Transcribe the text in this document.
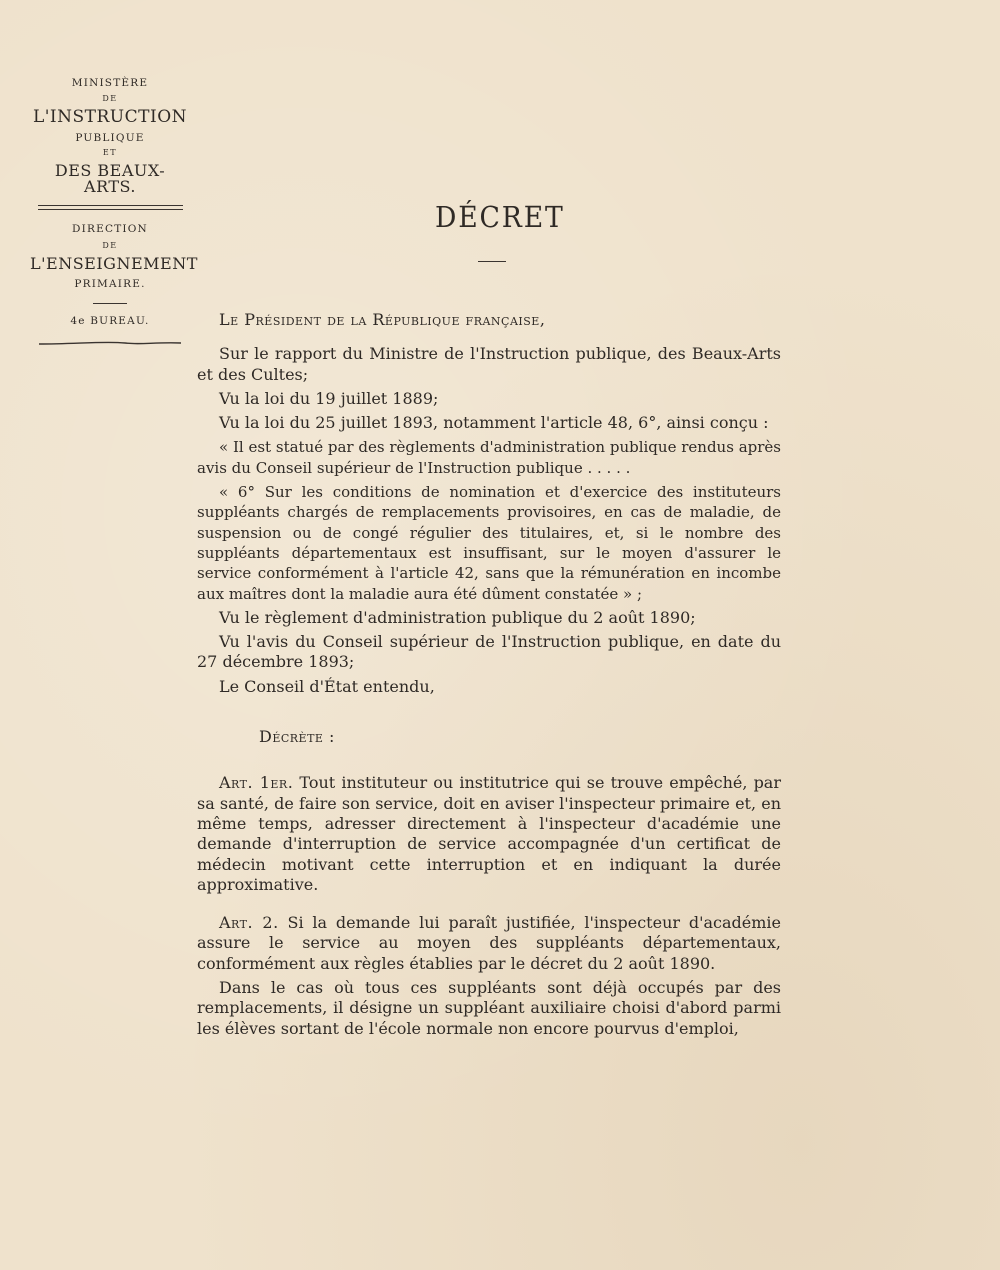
MINISTÈRE
DE
L'INSTRUCTION
PUBLIQUE
ET
DES BEAUX-ARTS.
DIRECTION
DE
L'ENSEIGNEMENT
PRIMAIRE.
4e BUREAU.
DÉCRET

Le Président de la République française,

Sur le rapport du Ministre de l'Instruction publique, des Beaux-Arts et des Cultes;

Vu la loi du 19 juillet 1889;

Vu la loi du 25 juillet 1893, notamment l'article 48, 6°, ainsi conçu :

« Il est statué par des règlements d'administration publique rendus après avis du Conseil supérieur de l'Instruction publique . . . . .

« 6° Sur les conditions de nomination et d'exercice des instituteurs suppléants chargés de remplacements provisoires, en cas de maladie, de suspension ou de congé régulier des titulaires, et, si le nombre des suppléants départementaux est insuffisant, sur le moyen d'assurer le service conformément à l'article 42, sans que la rémunération en incombe aux maîtres dont la maladie aura été dûment constatée » ;

Vu le règlement d'administration publique du 2 août 1890;

Vu l'avis du Conseil supérieur de l'Instruction publique, en date du 27 décembre 1893;

Le Conseil d'État entendu,

Décrète :

Art. 1er. Tout instituteur ou institutrice qui se trouve empêché, par sa santé, de faire son service, doit en aviser l'inspecteur primaire et, en même temps, adresser directement à l'inspecteur d'académie une demande d'interruption de service accompagnée d'un certificat de médecin motivant cette interruption et en indiquant la durée approximative.

Art. 2. Si la demande lui paraît justifiée, l'inspecteur d'académie assure le service au moyen des suppléants départementaux, conformément aux règles établies par le décret du 2 août 1890.

Dans le cas où tous ces suppléants sont déjà occupés par des remplacements, il désigne un suppléant auxiliaire choisi d'abord parmi les élèves sortant de l'école normale non encore pourvus d'emploi,
